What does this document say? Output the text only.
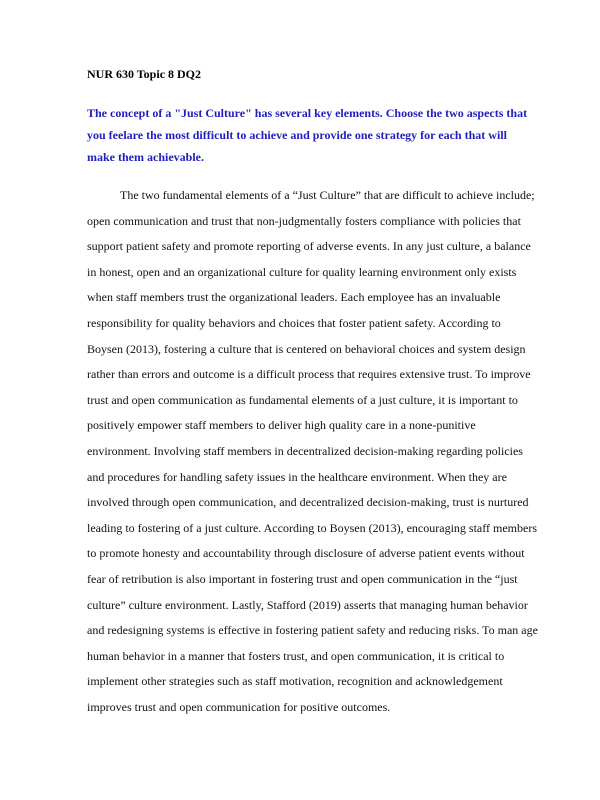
NUR 630 Topic 8 DQ2
The concept of a "Just Culture" has several key elements. Choose the two aspects that
you feelare the most difficult to achieve and provide one strategy for each that will
make them achievable.
The two fundamental elements of a “Just Culture” that are difficult to achieve include;
open communication and trust that non-judgmentally fosters compliance with policies that
support patient safety and promote reporting of adverse events. In any just culture, a balance
in honest, open and an organizational culture for quality learning environment only exists
when staff members trust the organizational leaders. Each employee has an invaluable
responsibility for quality behaviors and choices that foster patient safety. According to
Boysen (2013), fostering a culture that is centered on behavioral choices and system design
rather than errors and outcome is a difficult process that requires extensive trust. To improve
trust and open communication as fundamental elements of a just culture, it is important to
positively empower staff members to deliver high quality care in a none-punitive
environment. Involving staff members in decentralized decision-making regarding policies
and procedures for handling safety issues in the healthcare environment. When they are
involved through open communication, and decentralized decision-making, trust is nurtured
leading to fostering of a just culture. According to Boysen (2013), encouraging staff members
to promote honesty and accountability through disclosure of adverse patient events without
fear of retribution is also important in fostering trust and open communication in the “just
culture” culture environment. Lastly, Stafford (2019) asserts that managing human behavior
and redesigning systems is effective in fostering patient safety and reducing risks. To man age
human behavior in a manner that fosters trust, and open communication, it is critical to
implement other strategies such as staff motivation, recognition and acknowledgement
improves trust and open communication for positive outcomes.
